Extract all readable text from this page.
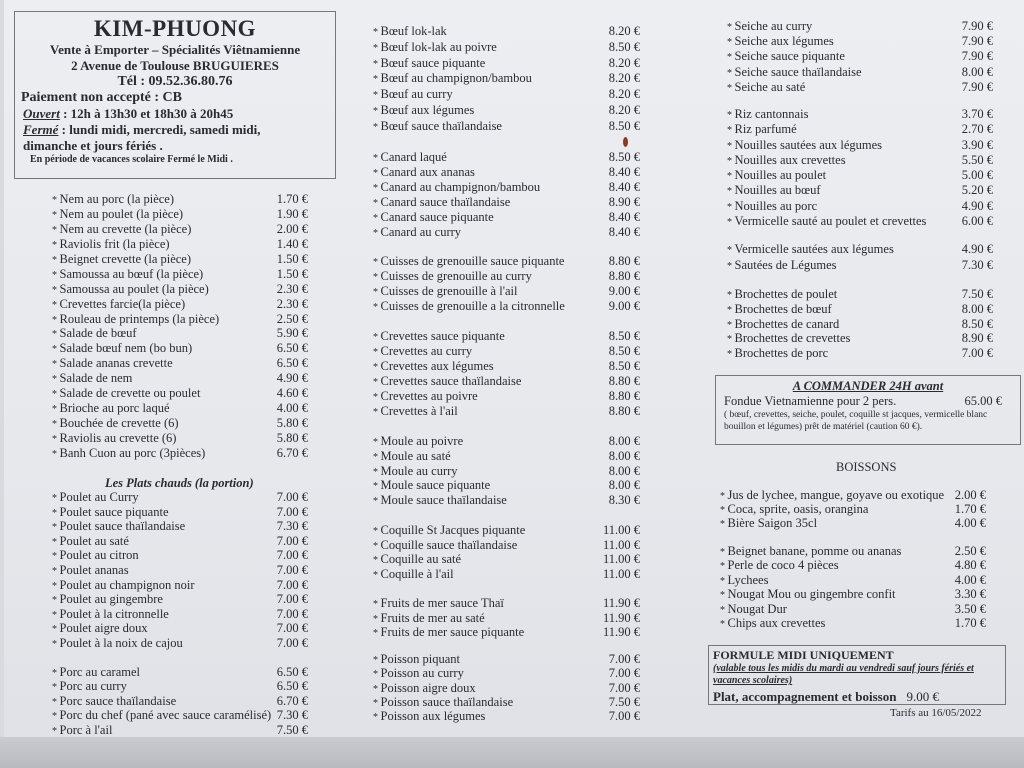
KIM-PHUONG
Vente à Emporter – Spécialités Viêtnamienne
2 Avenue de Toulouse BRUGUIERES
Tél : 09.52.36.80.76
Paiement non accepté : CB
Ouvert : 12h à 13h30 et 18h30 à 20h45
Fermé : lundi midi, mercredi, samedi midi,
dimanche et jours fériés .
En période de vacances scolaire Fermé le Midi .
* Nem au porc (la pièce)	1.70 €
* Nem au poulet (la pièce)	1.90 €
* Nem au crevette (la pièce)	2.00 €
* Raviolis frit (la pièce)	1.40 €
* Beignet crevette (la pièce)	1.50 €
* Samoussa au bœuf (la pièce)	1.50 €
* Samoussa au poulet (la pièce)	2.30 €
* Crevettes farcie(la pièce)	2.30 €
* Rouleau de printemps (la pièce)	2.50 €
* Salade de bœuf	5.90 €
* Salade bœuf nem (bo bun)	6.50 €
* Salade ananas crevette	6.50 €
* Salade de nem	4.90 €
* Salade de crevette ou poulet	4.60 €
* Brioche au porc laqué	4.00 €
* Bouchée de crevette (6)	5.80 €
* Raviolis au crevette (6)	5.80 €
* Banh Cuon au porc (3pièces)	6.70 €
Les Plats chauds (la portion)
* Poulet au Curry	7.00 €
* Poulet sauce piquante	7.00 €
* Poulet sauce thaïlandaise	7.30 €
* Poulet au saté	7.00 €
* Poulet au citron	7.00 €
* Poulet ananas	7.00 €
* Poulet au champignon noir	7.00 €
* Poulet au gingembre	7.00 €
* Poulet à la citronnelle	7.00 €
* Poulet aigre doux	7.00 €
* Poulet à la noix de cajou	7.00 €
* Porc au caramel	6.50 €
* Porc au curry	6.50 €
* Porc sauce thaïlandaise	6.70 €
* Porc du chef (pané avec sauce caramélisé) 7.30 €
* Porc à l'ail	7.50 €
* Bœuf lok-lak	8.20 €
* Bœuf lok-lak au poivre	8.50 €
* Bœuf sauce piquante	8.20 €
* Bœuf au champignon/bambou	8.20 €
* Bœuf au curry	8.20 €
* Bœuf aux légumes	8.20 €
* Bœuf sauce thaïlandaise	8.50 €
* Canard laqué	8.50 €
* Canard aux ananas	8.40 €
* Canard au champignon/bambou	8.40 €
* Canard sauce thaïlandaise	8.90 €
* Canard sauce piquante	8.40 €
* Canard au curry	8.40 €
* Cuisses de grenouille sauce piquante	8.80 €
* Cuisses de grenouille au curry	8.80 €
* Cuisses de grenouille à l'ail	9.00 €
* Cuisses de grenouille a la citronnelle	9.00 €
* Crevettes sauce piquante	8.50 €
* Crevettes au curry	8.50 €
* Crevettes aux légumes	8.50 €
* Crevettes sauce thaïlandaise	8.80 €
* Crevettes au poivre	8.80 €
* Crevettes à l'ail	8.80 €
* Moule au poivre	8.00 €
* Moule au saté	8.00 €
* Moule au curry	8.00 €
* Moule sauce piquante	8.00 €
* Moule sauce thaïlandaise	8.30 €
* Coquille St Jacques piquante	11.00 €
* Coquille sauce thaïlandaise	11.00 €
* Coquille au saté	11.00 €
* Coquille à l'ail	11.00 €
* Fruits de mer sauce Thaï	11.90 €
* Fruits de mer au saté	11.90 €
* Fruits de mer sauce piquante	11.90 €
* Poisson piquant	7.00 €
* Poisson au curry	7.00 €
* Poisson aigre doux	7.00 €
* Poisson sauce thaïlandaise	7.50 €
* Poisson aux légumes	7.00 €
* Seiche au curry	7.90 €
* Seiche aux légumes	7.90 €
* Seiche sauce piquante	7.90 €
* Seiche sauce thaïlandaise	8.00 €
* Seiche au saté	7.90 €
* Riz cantonnais	3.70 €
* Riz parfumé	2.70 €
* Nouilles sautées aux légumes	3.90 €
* Nouilles aux crevettes	5.50 €
* Nouilles au poulet	5.00 €
* Nouilles au bœuf	5.20 €
* Nouilles au porc	4.90 €
* Vermicelle sauté au poulet et crevettes	6.00 €
* Vermicelle sautées aux légumes	4.90 €
* Sautées de Légumes	7.30 €
* Brochettes de poulet	7.50 €
* Brochettes de bœuf	8.00 €
* Brochettes de canard	8.50 €
* Brochettes de crevettes	8.90 €
* Brochettes de porc	7.00 €
A COMMANDER 24H avant
Fondue Vietnamienne pour 2 pers.	65.00 €
( bœuf, crevettes, seiche, poulet, coquille st jacques, vermicelle blanc bouillon et légumes) prêt de matériel (caution 60 €).
BOISSONS
* Jus de lychee, mangue, goyave ou exotique 2.00 €
* Coca, sprite, oasis, orangina	1.70 €
* Bière Saigon 35cl	4.00 €
* Beignet banane, pomme ou ananas	2.50 €
* Perle de coco 4 pièces	4.80 €
* Lychees	4.00 €
* Nougat Mou ou gingembre confit	3.30 €
* Nougat Dur	3.50 €
* Chips aux crevettes	1.70 €
FORMULE MIDI UNIQUEMENT
(valable tous les midis du mardi au vendredi sauf jours fériés et vacances scolaires)
Plat, accompagnement et boisson 9.00 €
Tarifs au 16/05/2022
